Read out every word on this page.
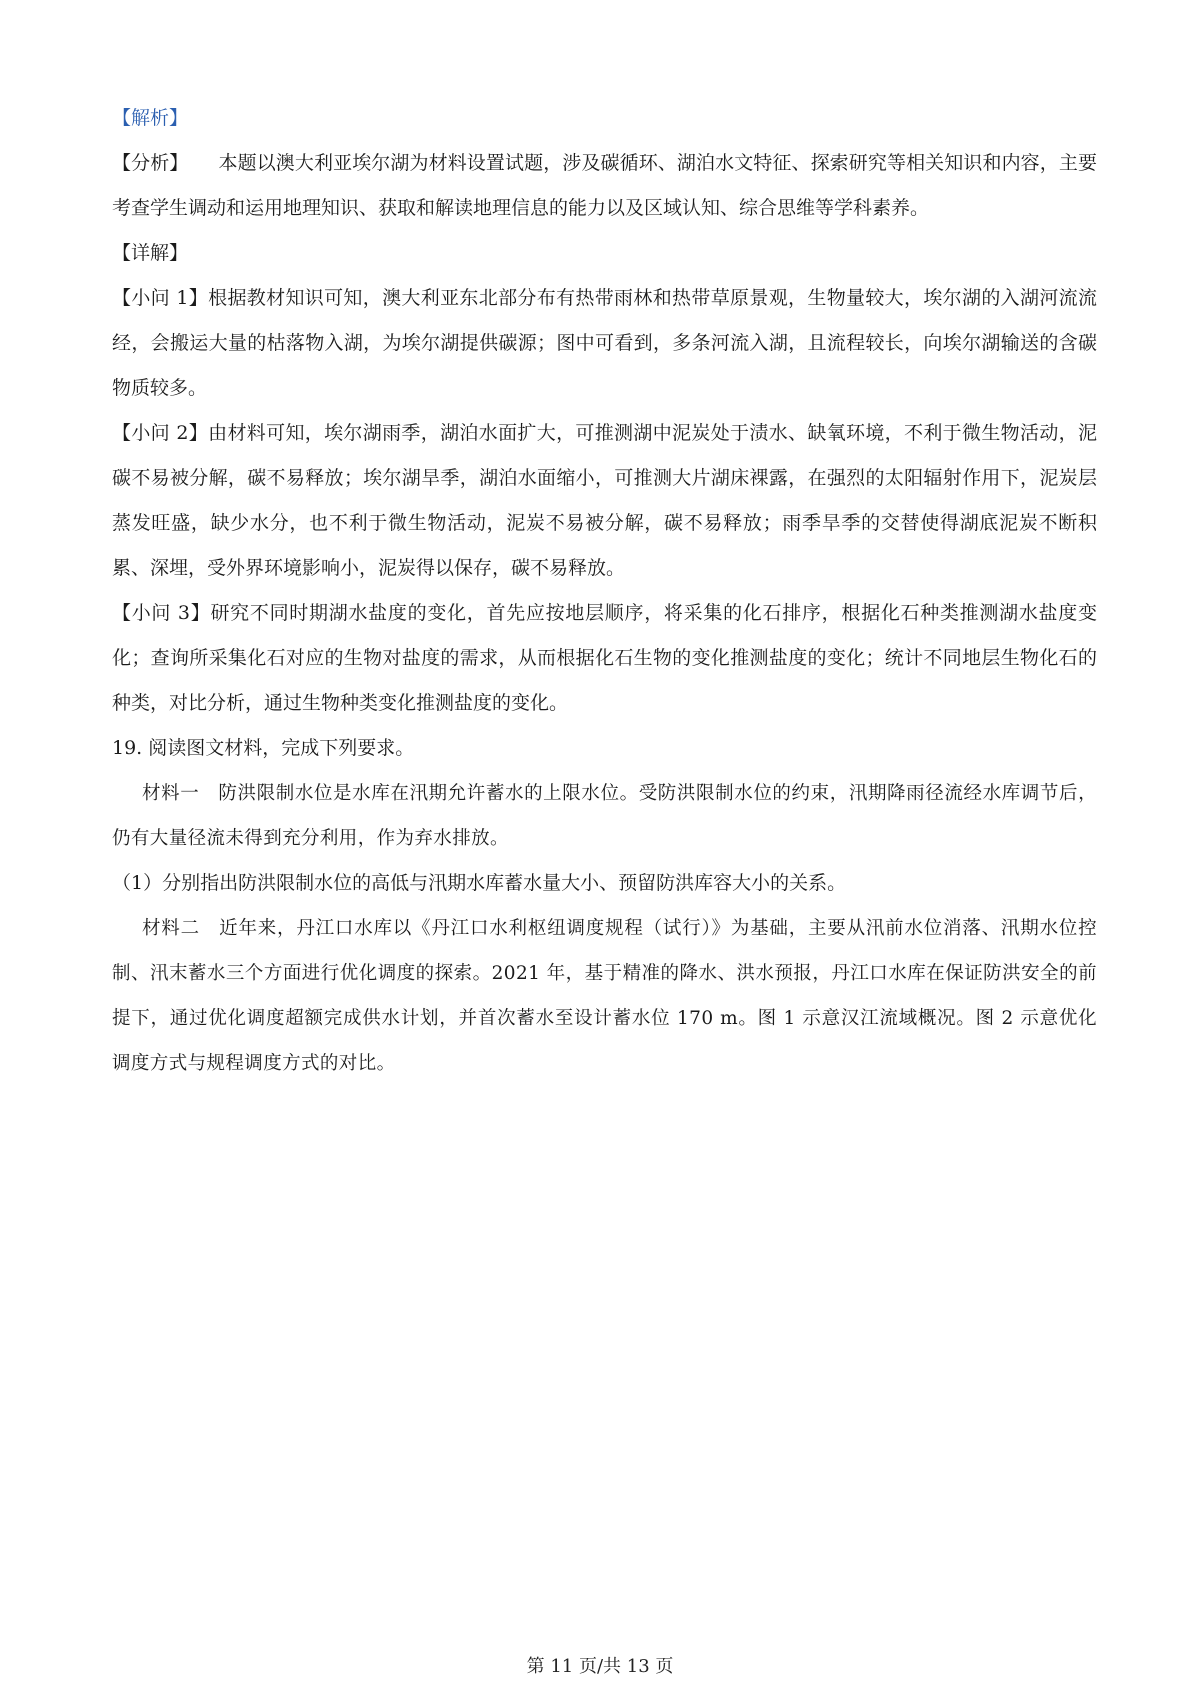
【解析】

【分析】 本题以澳大利亚埃尔湖为材料设置试题，涉及碳循环、湖泊水文特征、探索研究等相关知识和内容，主要考查学生调动和运用地理知识、获取和解读地理信息的能力以及区域认知、综合思维等学科素养。

【详解】

【小问 1】根据教材知识可知，澳大利亚东北部分布有热带雨林和热带草原景观，生物量较大，埃尔湖的入湖河流流经，会搬运大量的枯落物入湖，为埃尔湖提供碳源；图中可看到，多条河流入湖，且流程较长，向埃尔湖输送的含碳物质较多。

【小问 2】由材料可知，埃尔湖雨季，湖泊水面扩大，可推测湖中泥炭处于渍水、缺氧环境，不利于微生物活动，泥碳不易被分解，碳不易释放；埃尔湖旱季，湖泊水面缩小，可推测大片湖床裸露，在强烈的太阳辐射作用下，泥炭层蒸发旺盛，缺少水分，也不利于微生物活动，泥炭不易被分解，碳不易释放；雨季旱季的交替使得湖底泥炭不断积累、深埋，受外界环境影响小，泥炭得以保存，碳不易释放。

【小问 3】研究不同时期湖水盐度的变化，首先应按地层顺序，将采集的化石排序，根据化石种类推测湖水盐度变化；查询所采集化石对应的生物对盐度的需求，从而根据化石生物的变化推测盐度的变化；统计不同地层生物化石的种类，对比分析，通过生物种类变化推测盐度的变化。

19. 阅读图文材料，完成下列要求。

材料一　防洪限制水位是水库在汛期允许蓄水的上限水位。受防洪限制水位的约束，汛期降雨径流经水库调节后，仍有大量径流未得到充分利用，作为弃水排放。

（1）分别指出防洪限制水位的高低与汛期水库蓄水量大小、预留防洪库容大小的关系。

材料二　近年来，丹江口水库以《丹江口水利枢纽调度规程（试行）》为基础，主要从汛前水位消落、汛期水位控制、汛末蓄水三个方面进行优化调度的探索。2021 年，基于精准的降水、洪水预报，丹江口水库在保证防洪安全的前提下，通过优化调度超额完成供水计划，并首次蓄水至设计蓄水位 170 m。图 1 示意汉江流域概况。图 2 示意优化调度方式与规程调度方式的对比。

第 11 页/共 13 页
